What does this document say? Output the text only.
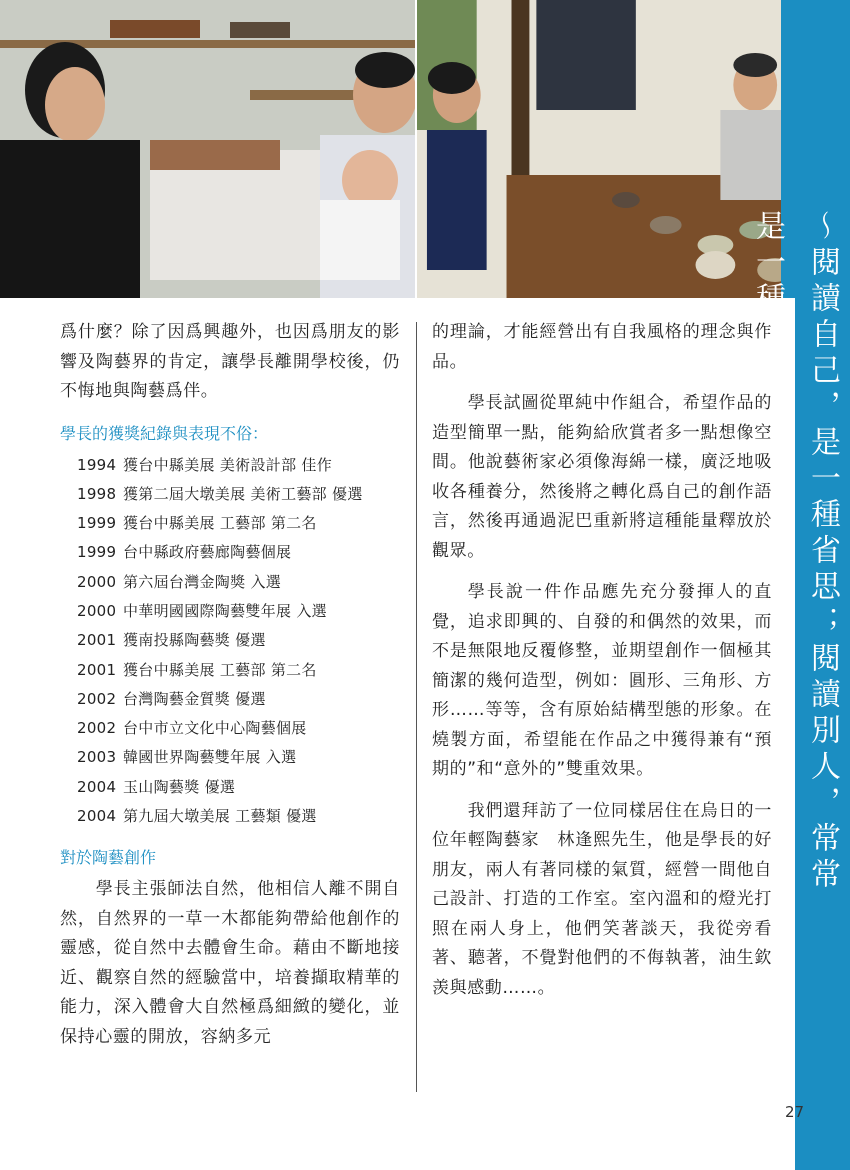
～閱讀自己，是一種省思；閱讀別人，常常是一種啓發。

爲什麼？除了因爲興趣外，也因爲朋友的影響及陶藝界的肯定，讓學長離開學校後，仍不悔地與陶藝爲伴。

學長的獲獎紀錄與表現不俗：
1994 獲台中縣美展 美術設計部 佳作
1998 獲第二屆大墩美展 美術工藝部 優選
1999 獲台中縣美展 工藝部 第二名
1999 台中縣政府藝廊陶藝個展
2000 第六屆台灣金陶獎 入選
2000 中華明國國際陶藝雙年展 入選
2001 獲南投縣陶藝獎 優選
2001 獲台中縣美展 工藝部 第二名
2002 台灣陶藝金質獎 優選
2002 台中市立文化中心陶藝個展
2003 韓國世界陶藝雙年展 入選
2004 玉山陶藝獎 優選
2004 第九屆大墩美展 工藝類 優選
對於陶藝創作

學長主張師法自然，他相信人離不開自然，自然界的一草一木都能夠帶給他創作的靈感，從自然中去體會生命。藉由不斷地接近、觀察自然的經驗當中，培養擷取精華的能力，深入體會大自然極爲細緻的變化，並保持心靈的開放，容納多元

的理論，才能經營出有自我風格的理念與作品。

學長試圖從單純中作組合，希望作品的造型簡單一點，能夠給欣賞者多一點想像空間。他說藝術家必須像海綿一樣，廣泛地吸收各種養分，然後將之轉化爲自己的創作語言，然後再通過泥巴重新將這種能量釋放於觀眾。

學長說一件作品應先充分發揮人的直覺，追求即興的、自發的和偶然的效果，而不是無限地反覆修整，並期望創作一個極其簡潔的幾何造型，例如：圓形、三角形、方形……等等，含有原始結構型態的形象。在燒製方面，希望能在作品之中獲得兼有“預期的”和“意外的”雙重效果。

我們還拜訪了一位同樣居住在烏日的一位年輕陶藝家　林逢熙先生，他是學長的好朋友，兩人有著同樣的氣質，經營一間他自己設計、打造的工作室。室內溫和的燈光打照在兩人身上，他們笑著談天，我從旁看著、聽著，不覺對他們的不侮執著，油生欽羡與感動……。

27
